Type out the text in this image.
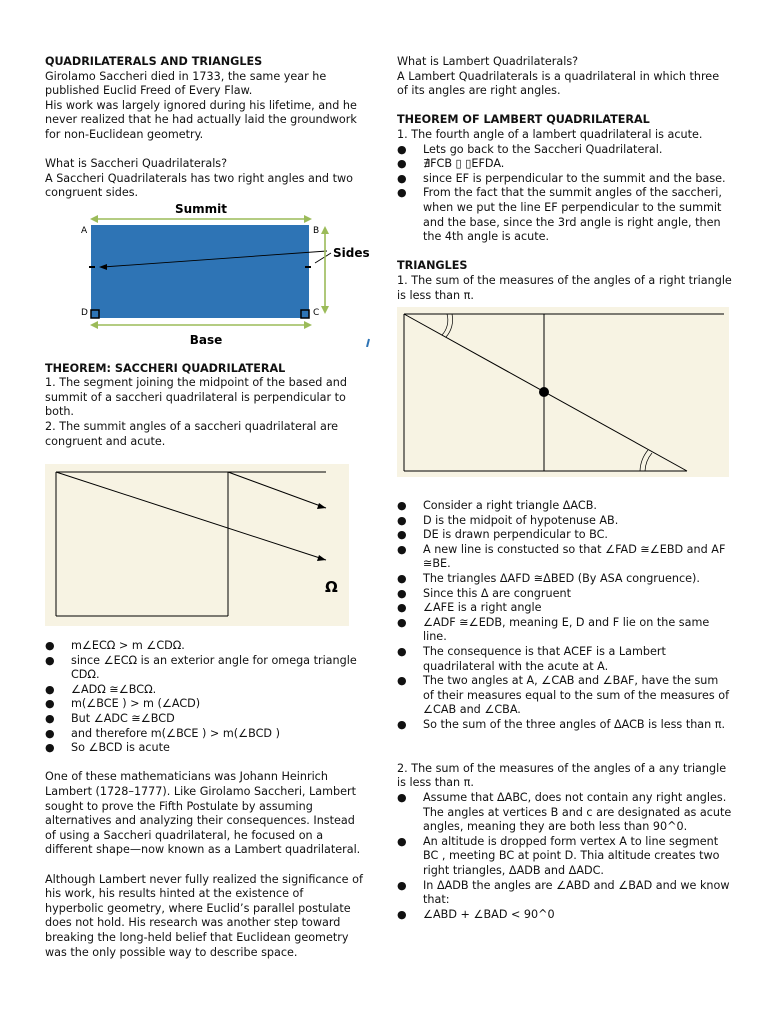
QUADRILATERALS AND TRIANGLES

Girolamo Saccheri died in 1733, the same year he published Euclid Freed of Every Flaw.

His work was largely ignored during his lifetime, and he never realized that he had actually laid the groundwork for non-Euclidean geometry.

What is Saccheri Quadrilaterals?

A Saccheri Quadrilaterals has two right angles and two congruent sides.

Summit
Sides
Base
A	B
C
D

THEOREM: SACCHERI QUADRILATERAL

1. The segment joining the midpoint of the based and summit of a saccheri quadrilateral is perpendicular to both.

2. The summit angles of a saccheri quadrilateral are congruent and acute.

Ω
● m∠ECΩ > m ∠CDΩ.
● since ∠ECΩ is an exterior angle for omega triangle CDΩ.
● ∠ADΩ ≅∠BCΩ.
● m(∠BCE ) > m (∠ACD)
● But ∠ADC ≅∠BCD
● and therefore m(∠BCE ) > m(∠BCD )
● So ∠BCD is acute

One of these mathematicians was Johann Heinrich Lambert (1728–1777). Like Girolamo Saccheri, Lambert sought to prove the Fifth Postulate by assuming alternatives and analyzing their consequences. Instead of using a Saccheri quadrilateral, he focused on a different shape—now known as a Lambert quadrilateral.

Although Lambert never fully realized the significance of his work, his results hinted at the existence of hyperbolic geometry, where Euclid’s parallel postulate does not hold. His research was another step toward breaking the long-held belief that Euclidean geometry was the only possible way to describe space.

What is Lambert Quadrilaterals?

A Lambert Quadrilaterals is a quadrilateral in which three of its angles are right angles.

THEOREM OF LAMBERT QUADRILATERAL

1. The fourth angle of a lambert quadrilateral is acute.

● Lets go back to the Saccheri Quadrilateral.
● ∄FCB ▯ ▯EFDA.
● since EF is perpendicular to the summit and the base.
● From the fact that the summit angles of the saccheri, when we put the line EF perpendicular to the summit and the base, since the 3rd angle is right angle, then the 4th angle is acute.

TRIANGLES

1. The sum of the measures of the angles of a right triangle is less than π.

● Consider a right triangle ΔACB.
● D is the midpoit of hypotenuse AB.
● DE is drawn perpendicular to BC.
● A new line is constucted so that ∠FAD ≅∠EBD and AF ≅BE.
● The triangles ΔAFD ≅ΔBED (By ASA congruence).
● Since this Δ are congruent
● ∠AFE is a right angle
● ∠ADF ≅∠EDB, meaning E, D and F lie on the same line.
● The consequence is that ACEF is a Lambert quadrilateral with the acute at A.
● The two angles at A, ∠CAB and ∠BAF, have the sum of their measures equal to the sum of the measures of ∠CAB and ∠CBA.
● So the sum of the three angles of ΔACB is less than π.

2. The sum of the measures of the angles of a any triangle is less than π.

● Assume that ΔABC, does not contain any right angles. The angles at vertices B and c are designated as acute angles, meaning they are both less than 90^0.
● An altitude is dropped form vertex A to line segment BC , meeting BC at point D. Thia altitude creates two right triangles, ΔADB and ΔADC.
● In ΔADB the angles are ∠ABD and ∠BAD and we know that:
● ∠ABD + ∠BAD < 90^0
